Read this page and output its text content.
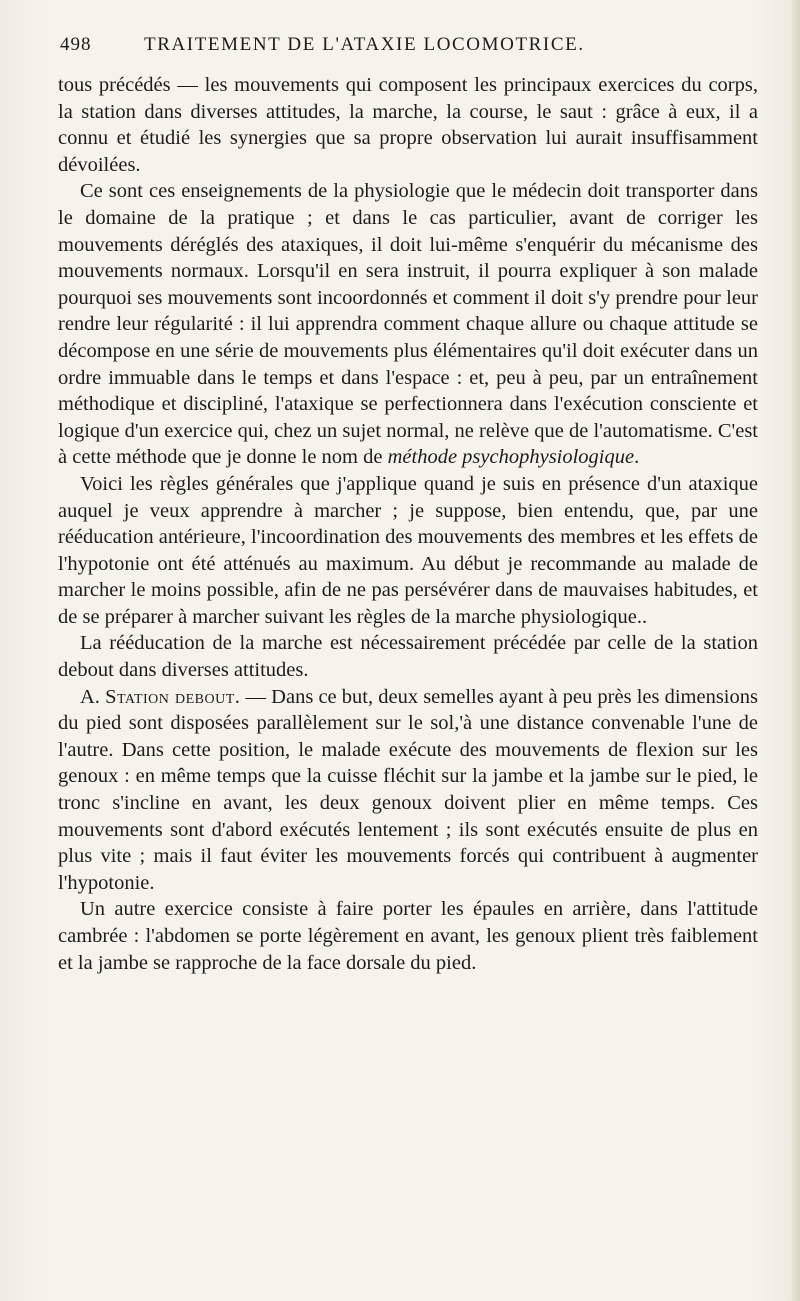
498	TRAITEMENT DE L'ATAXIE LOCOMOTRICE.

tous précédés — les mouvements qui composent les principaux exercices du corps, la station dans diverses attitudes, la marche, la course, le saut : grâce à eux, il a connu et étudié les synergies que sa propre observation lui aurait insuffisamment dévoilées.

Ce sont ces enseignements de la physiologie que le médecin doit transporter dans le domaine de la pratique ; et dans le cas particulier, avant de corriger les mouvements déréglés des ataxiques, il doit lui-même s'enquérir du mécanisme des mouvements normaux. Lorsqu'il en sera instruit, il pourra expliquer à son malade pourquoi ses mouvements sont incoordonnés et comment il doit s'y prendre pour leur rendre leur régularité : il lui apprendra comment chaque allure ou chaque attitude se décompose en une série de mouvements plus élémentaires qu'il doit exécuter dans un ordre immuable dans le temps et dans l'espace : et, peu à peu, par un entraînement méthodique et discipliné, l'ataxique se perfectionnera dans l'exécution consciente et logique d'un exercice qui, chez un sujet normal, ne relève que de l'automatisme. C'est à cette méthode que je donne le nom de méthode psychophysiologique.

Voici les règles générales que j'applique quand je suis en présence d'un ataxique auquel je veux apprendre à marcher ; je suppose, bien entendu, que, par une rééducation antérieure, l'incoordination des mouvements des membres et les effets de l'hypotonie ont été atténués au maximum. Au début je recommande au malade de marcher le moins possible, afin de ne pas persévérer dans de mauvaises habitudes, et de se préparer à marcher suivant les règles de la marche physiologique..

La rééducation de la marche est nécessairement précédée par celle de la station debout dans diverses attitudes.

A. Station debout. — Dans ce but, deux semelles ayant à peu près les dimensions du pied sont disposées parallèlement sur le sol,'à une distance convenable l'une de l'autre. Dans cette position, le malade exécute des mouvements de flexion sur les genoux : en même temps que la cuisse fléchit sur la jambe et la jambe sur le pied, le tronc s'incline en avant, les deux genoux doivent plier en même temps. Ces mouvements sont d'abord exécutés lentement ; ils sont exécutés ensuite de plus en plus vite ; mais il faut éviter les mouvements forcés qui contribuent à augmenter l'hypotonie.

Un autre exercice consiste à faire porter les épaules en arrière, dans l'attitude cambrée : l'abdomen se porte légèrement en avant, les genoux plient très faiblement et la jambe se rapproche de la face dorsale du pied.
